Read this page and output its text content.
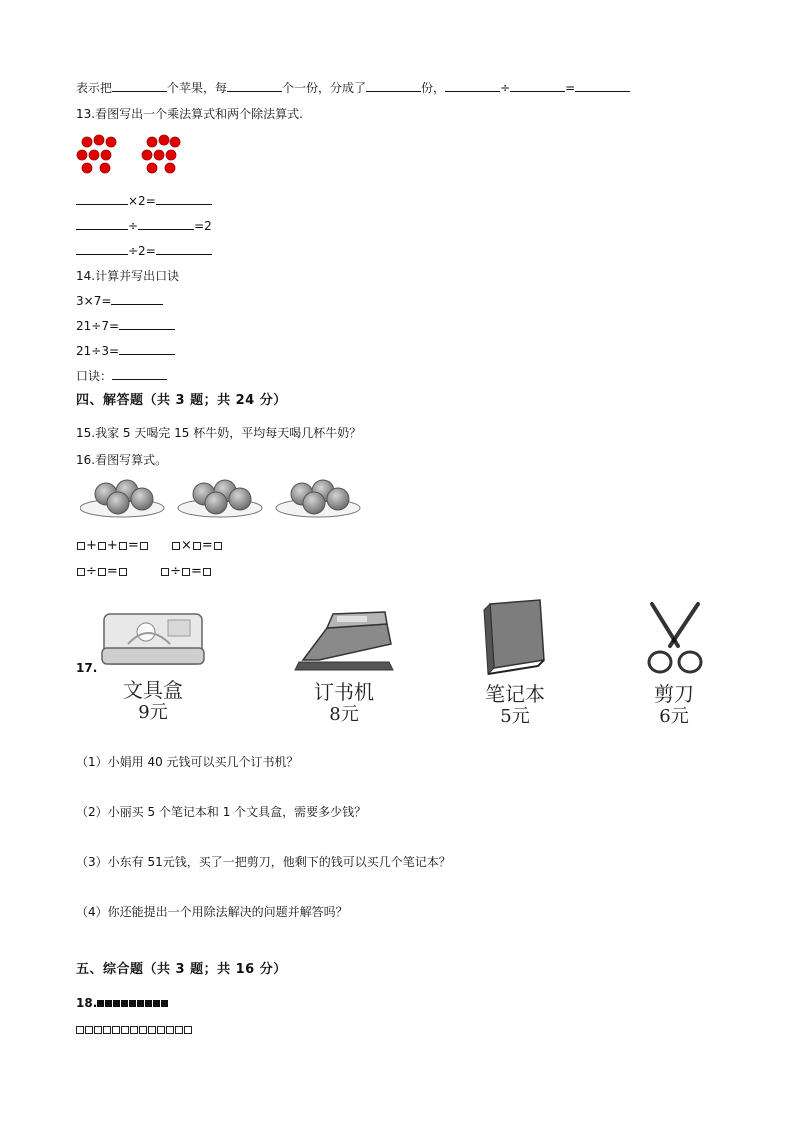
表示把	个苹果，每	个一份，分成了	份，	÷	=
13.看图写出一个乘法算式和两个除法算式.
×2=
÷	=2
÷2=
14.计算并写出口诀
3×7=
21÷7=
21÷3=
口诀：
四、解答题（共 3 题；共 24 分）
15.我家 5 天喝完 15 杯牛奶，平均每天喝几杯牛奶？
16.看图写算式。
+ + =	× =
÷ =	÷ =
17.
文具盒
9元
订书机
8元
笔记本
5元
剪刀
6元
（1）小娟用 40 元钱可以买几个订书机？
（2）小丽买 5 个笔记本和 1 个文具盒，需要多少钱？
（3）小东有 51元钱，买了一把剪刀，他剩下的钱可以买几个笔记本？
（4）你还能提出一个用除法解决的问题并解答吗？
五、综合题（共 3 题；共 16 分）
18.
